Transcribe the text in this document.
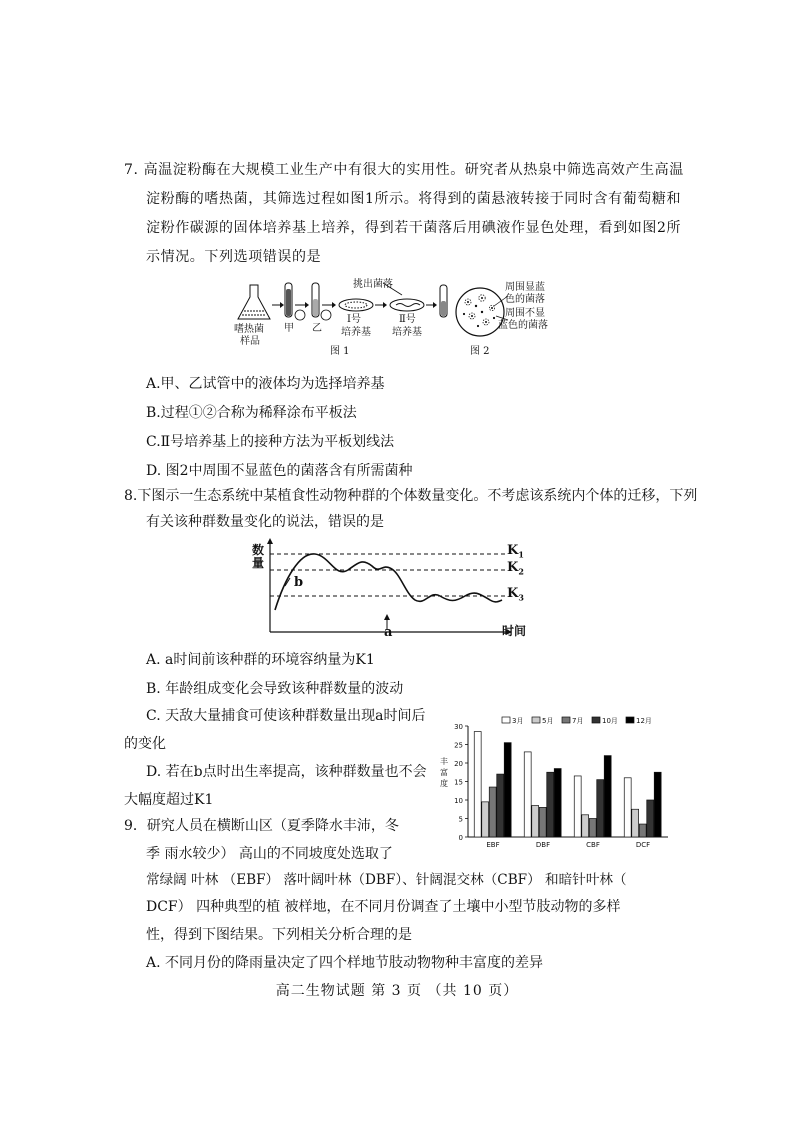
7. 高温淀粉酶在大规模工业生产中有很大的实用性。研究者从热泉中筛选高效产生高温
淀粉酶的嗜热菌，其筛选过程如图1所示。将得到的菌悬液转接于同时含有葡萄糖和
淀粉作碳源的固体培养基上培养，得到若干菌落后用碘液作显色处理，看到如图2所
示情况。下列选项错误的是
嗜热菌
样品
甲 乙
挑出菌落
Ⅰ号
培养基
Ⅱ号
培养基
图 1
周围显蓝
色的菌落
周围不显
蓝色的菌落
图 2
A.甲、乙试管中的液体均为选择培养基
B.过程①②合称为稀释涂布平板法
C.Ⅱ号培养基上的接种方法为平板划线法
D. 图2中周围不显蓝色的菌落含有所需菌种
8.下图示一生态系统中某植食性动物种群的个体数量变化。不考虑该系统内个体的迁移，下列
有关该种群数量变化的说法，错误的是
数
量
$K_1$
$K_2$
$K_3$
b
a	时间
A. a时间前该种群的环境容纳量为K1
B. 年龄组成变化会导致该种群数量的波动
C. 天敌大量捕食可使该种群数量出现a时间后
的变化
D. 若在b点时出生率提高，该种群数量也不会
大幅度超过K1
0
5
10
15
20
25
30
丰
富
度
EBF	DBF	CBF	DCF
3月	5月	7月	10月	12月
9．研究人员在横断山区（夏季降水丰沛，冬
季 雨水较少） 高山的不同坡度处选取了
常绿阔 叶林 （EBF） 落叶阔叶林（DBF）、针阔混交林（CBF） 和暗针叶林（
DCF） 四种典型的植 被样地，在不同月份调查了土壤中小型节肢动物的多样
性，得到下图结果。下列相关分析合理的是
A. 不同月份的降雨量决定了四个样地节肢动物物种丰富度的差异
高二生物试题 第 3 页 （共 10 页）
